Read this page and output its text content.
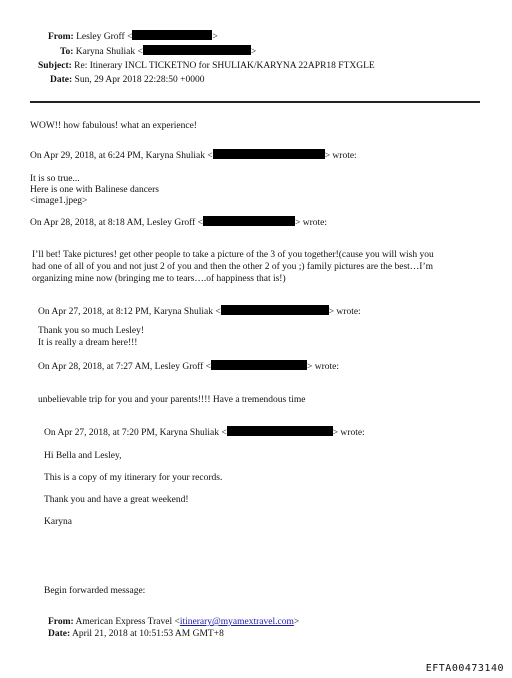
From: Lesley Groff <	>
To: Karyna Shuliak <	>
Subject: Re: Itinerary INCL TICKETNO for SHULIAK/KARYNA 22APR18 FTXGLE
Date: Sun, 29 Apr 2018 22:28:50 +0000
WOW!! how fabulous! what an experience!
On Apr 29, 2018, at 6:24 PM, Karyna Shuliak <	> wrote:
It is so true...
Here is one with Balinese dancers
<image1.jpeg>
On Apr 28, 2018, at 8:18 AM, Lesley Groff <	> wrote:
I’ll bet! Take pictures! get other people to take a picture of the 3 of you together!(cause you will wish you
had one of all of you and not just 2 of you and then the other 2 of you ;) family pictures are the best…I’m
organizing mine now (bringing me to tears….of happiness that is!)
On Apr 27, 2018, at 8:12 PM, Karyna Shuliak <	> wrote:
Thank you so much Lesley!
It is really a dream here!!!
On Apr 28, 2018, at 7:27 AM, Lesley Groff <	> wrote:
unbelievable trip for you and your parents!!!! Have a tremendous time
On Apr 27, 2018, at 7:20 PM, Karyna Shuliak <	> wrote:
Hi Bella and Lesley,
This is a copy of my itinerary for your records.
Thank you and have a great weekend!
Karyna
Begin forwarded message:
From: American Express Travel <itinerary@myamextravel.com>
Date: April 21, 2018 at 10:51:53 AM GMT+8
EFTA00473140
